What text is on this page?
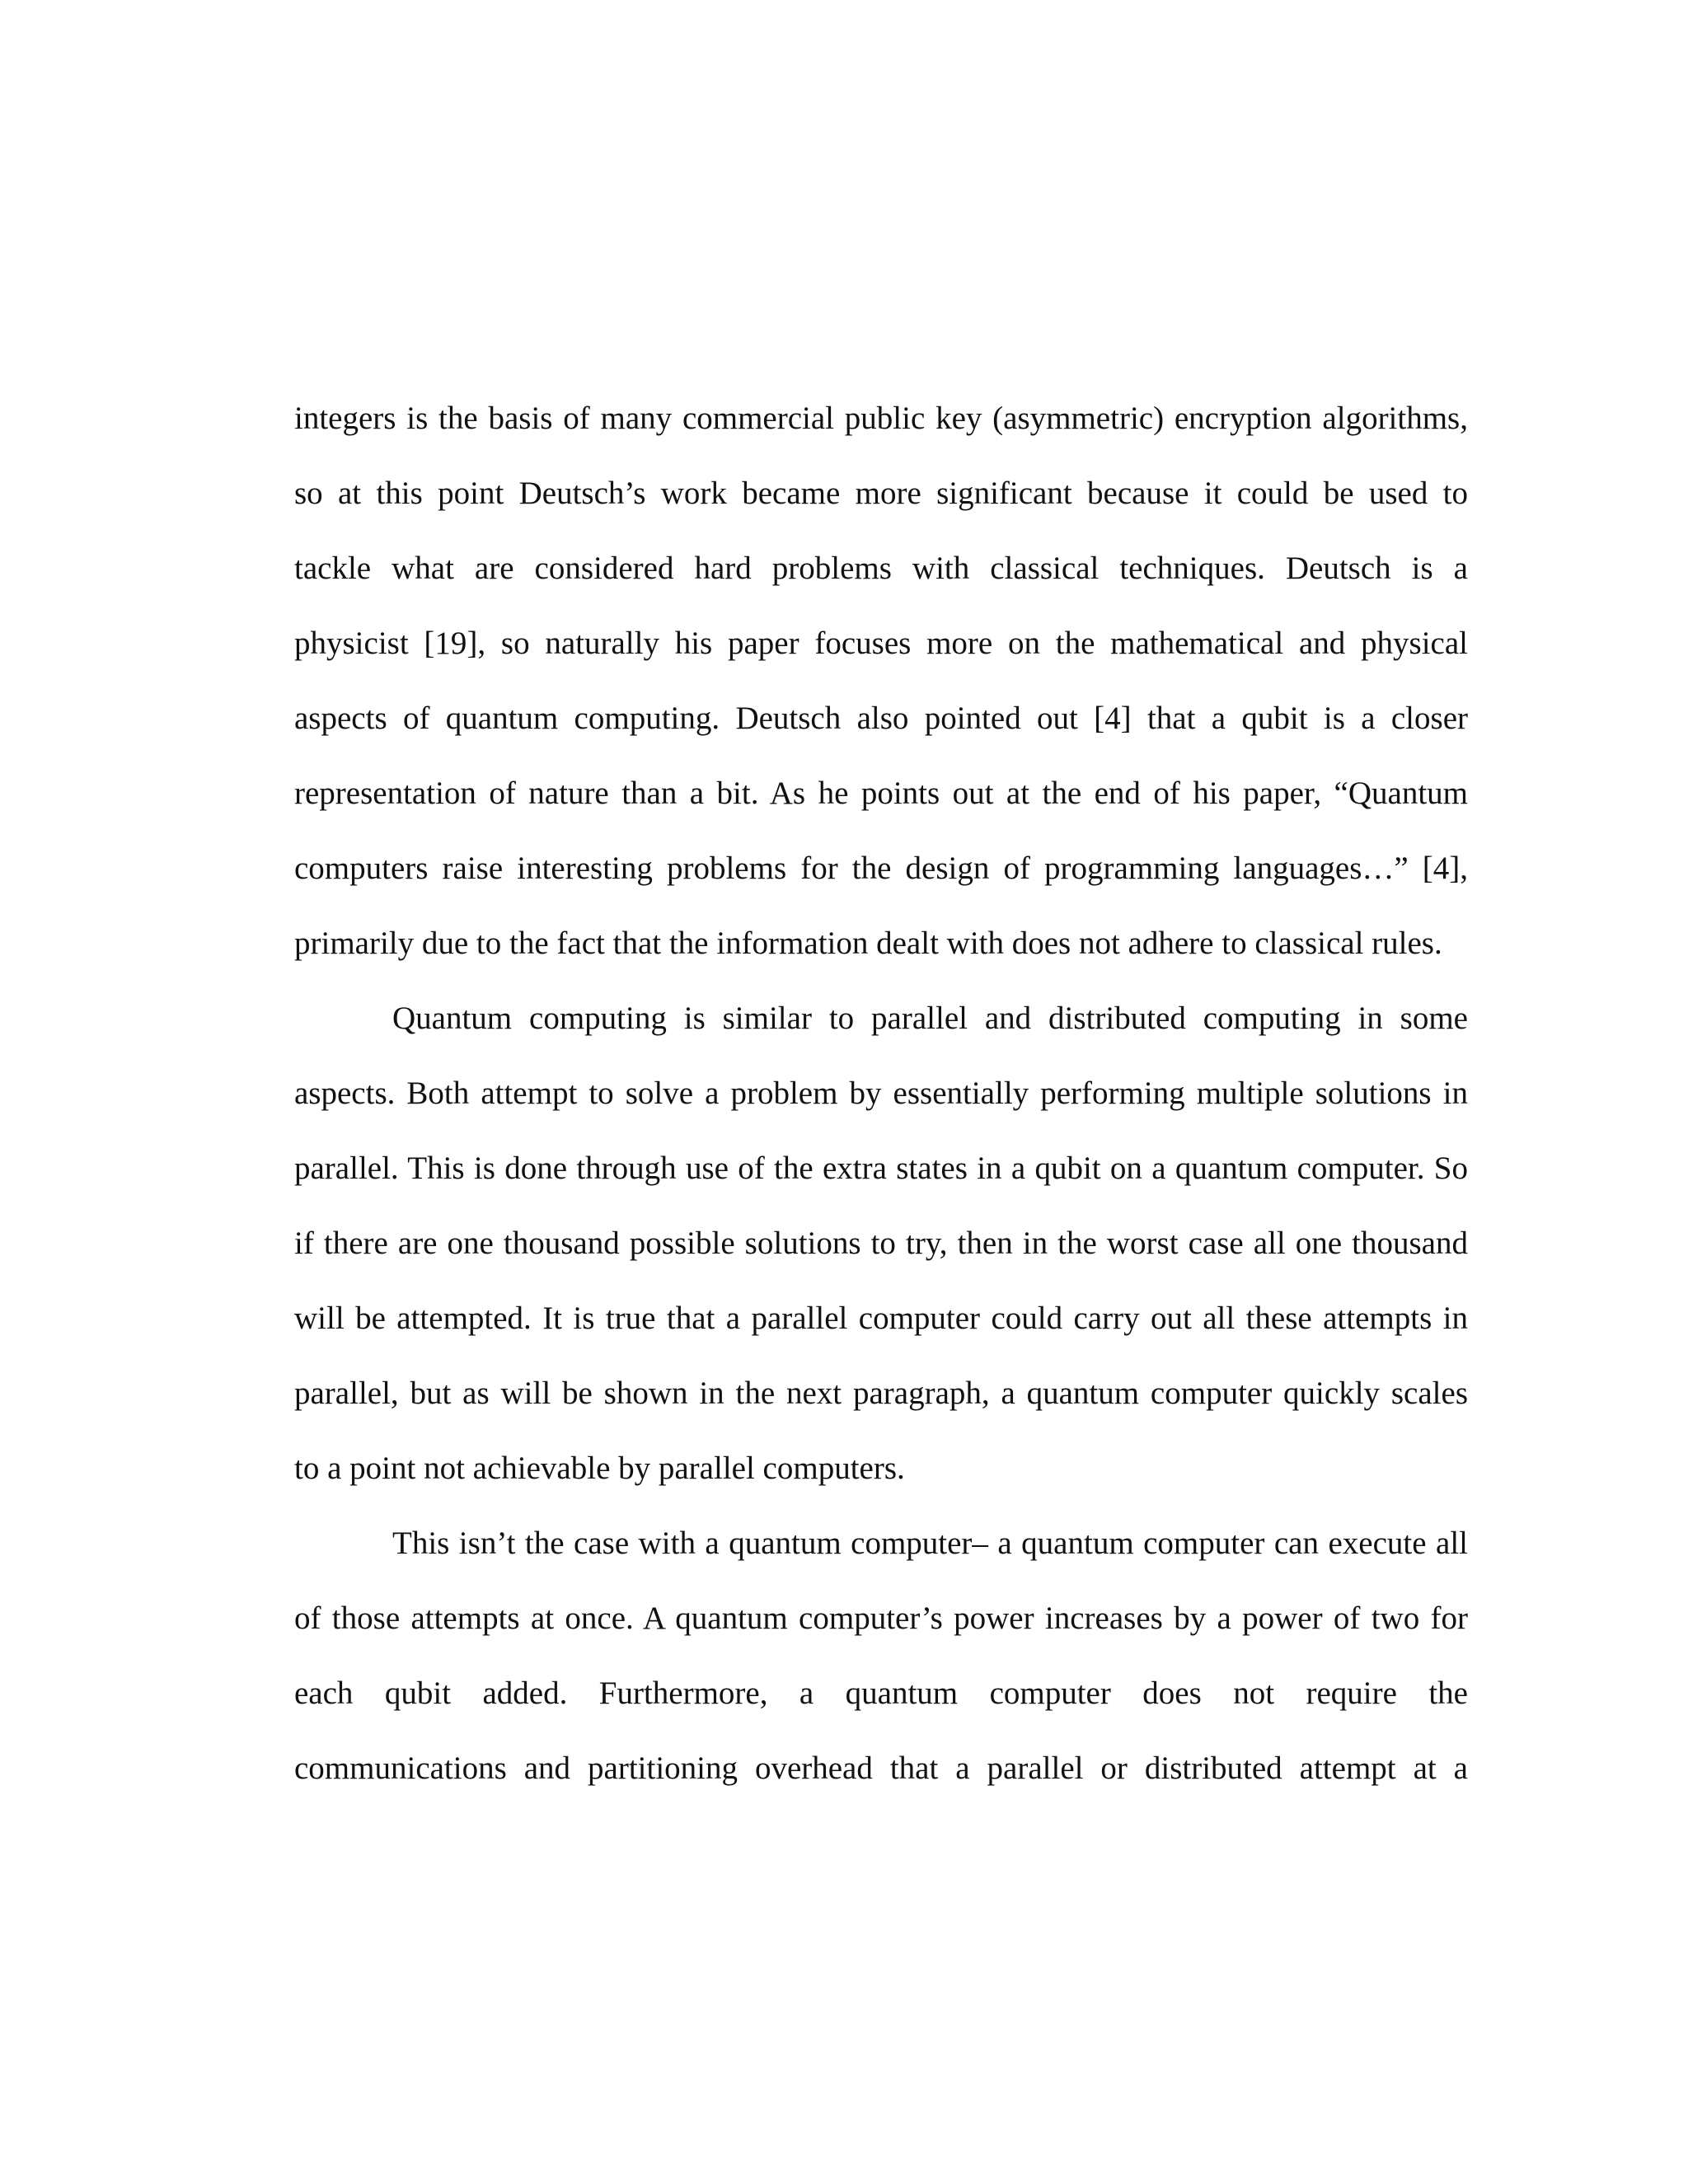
integers is the basis of many commercial public key (asymmetric) encryption algorithms,
so at this point Deutsch’s work became more significant because it could be used to
tackle what are considered hard problems with classical techniques. Deutsch is a
physicist [19], so naturally his paper focuses more on the mathematical and physical
aspects of quantum computing. Deutsch also pointed out [4] that a qubit is a closer
representation of nature than a bit. As he points out at the end of his paper, “Quantum
computers raise interesting problems for the design of programming languages…” [4],
primarily due to the fact that the information dealt with does not adhere to classical rules.
Quantum computing is similar to parallel and distributed computing in some
aspects. Both attempt to solve a problem by essentially performing multiple solutions in
parallel. This is done through use of the extra states in a qubit on a quantum computer. So
if there are one thousand possible solutions to try, then in the worst case all one thousand
will be attempted. It is true that a parallel computer could carry out all these attempts in
parallel, but as will be shown in the next paragraph, a quantum computer quickly scales
to a point not achievable by parallel computers.
This isn’t the case with a quantum computer– a quantum computer can execute all
of those attempts at once. A quantum computer’s power increases by a power of two for
each qubit added. Furthermore, a quantum computer does not require the
communications and partitioning overhead that a parallel or distributed attempt at a
